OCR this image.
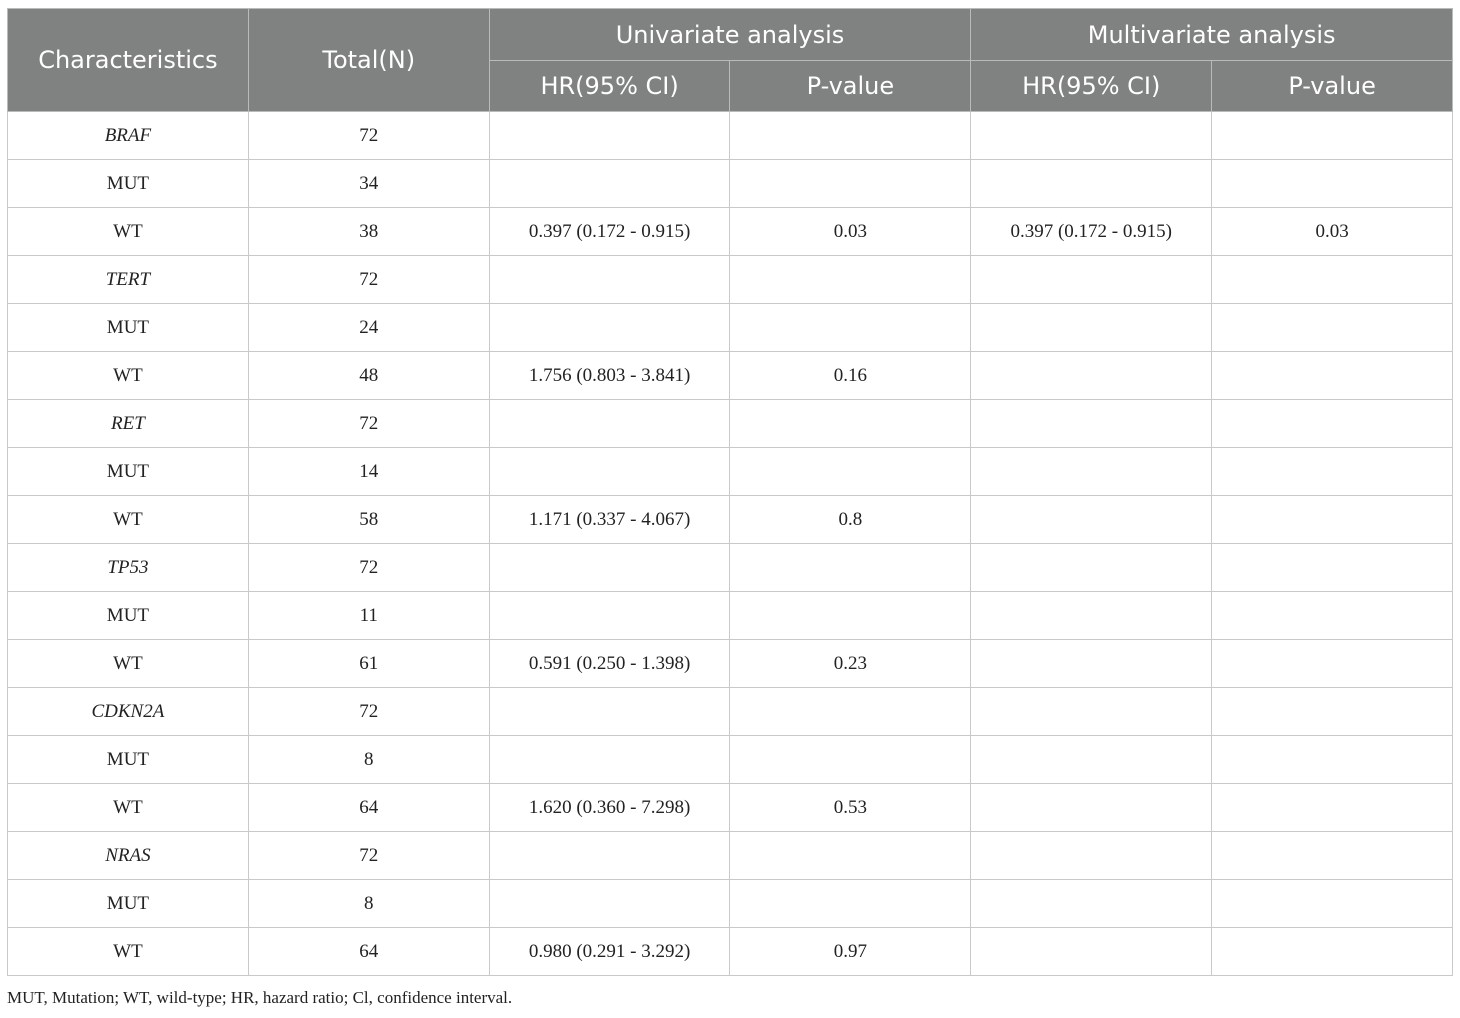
Characteristics	Total(N)	Univariate analysis		Multivariate analysis	
		HR(95% CI)	P-value	HR(95% CI)	P-value
BRAF	72				
MUT	34				
WT	38	0.397 (0.172 - 0.915)	0.03	0.397 (0.172 - 0.915)	0.03
TERT	72				
MUT	24				
WT	48	1.756 (0.803 - 3.841)	0.16		
RET	72				
MUT	14				
WT	58	1.171 (0.337 - 4.067)	0.8		
TP53	72				
MUT	11				
WT	61	0.591 (0.250 - 1.398)	0.23		
CDKN2A	72				
MUT	8				
WT	64	1.620 (0.360 - 7.298)	0.53		
NRAS	72				
MUT	8				
WT	64	0.980 (0.291 - 3.292)	0.97		
MUT, Mutation; WT, wild-type; HR, hazard ratio; Cl, confidence interval.
